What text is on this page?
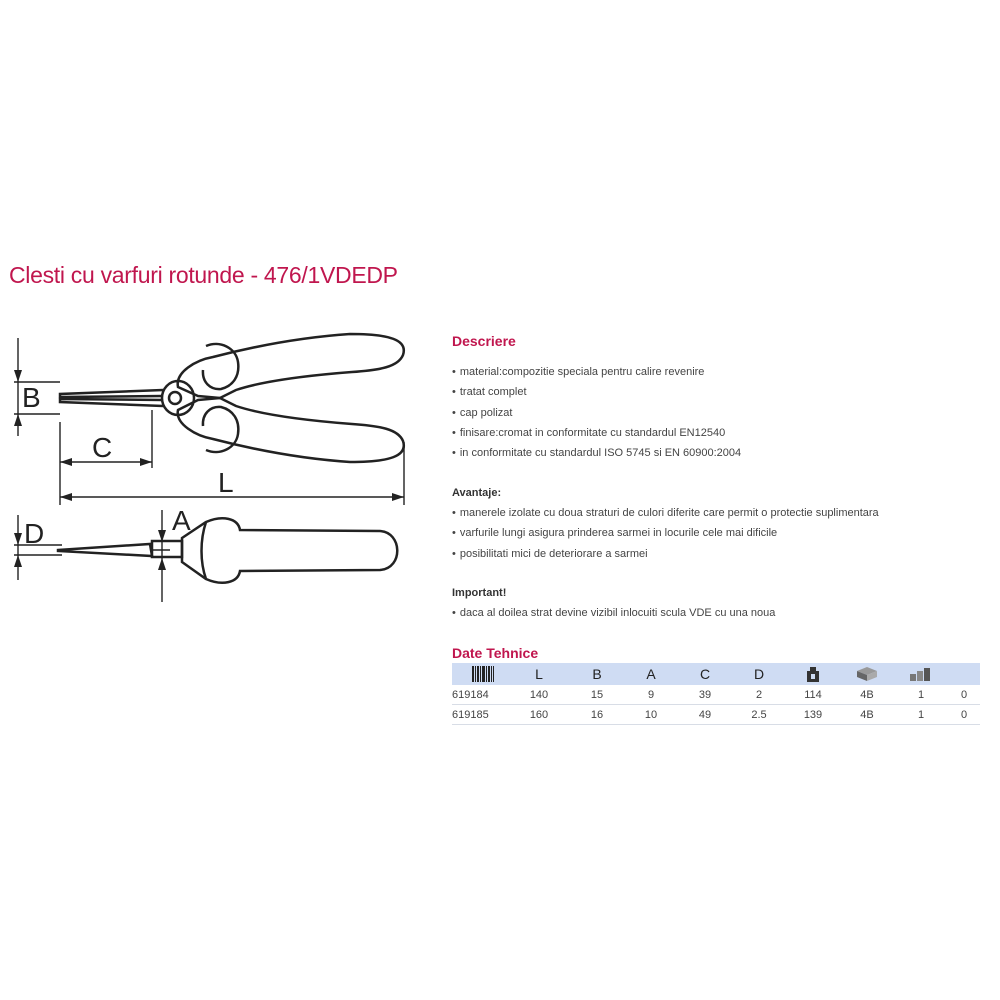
Clesti cu varfuri rotunde - 476/1VDEDP
B
C
L
D	A
Descriere
• material:compozitie speciala pentru calire revenire
• tratat complet
• cap polizat
• finisare:cromat in conformitate cu standardul EN12540
• in conformitate cu standardul ISO 5745 si EN 60900:2004
Avantaje:
• manerele izolate cu doua straturi de culori diferite care permit o protectie suplimentara
• varfurile lungi asigura prinderea sarmei in locurile cele mai dificile
• posibilitati mici de deteriorare a sarmei
Important!
• daca al doilea strat devine vizibil inlocuiti scula VDE cu una noua
Date Tehnice
	L	B	A	C	D	

619184	140	15	9	39	2	114	4B	1	0
619185	160	16	10	49	2.5	139	4B	1	0
